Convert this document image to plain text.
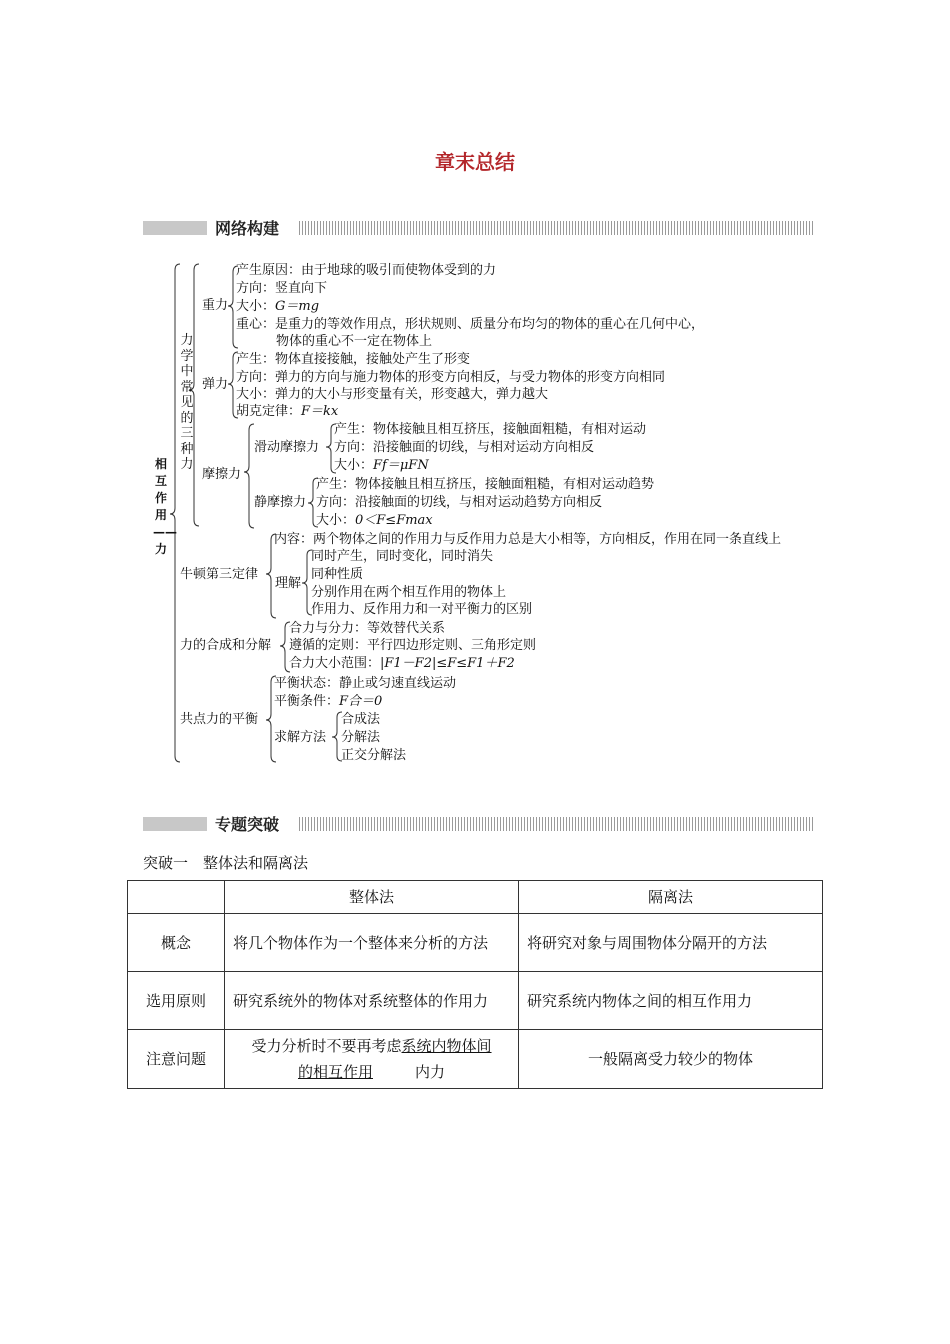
章末总结
网络构建
相互作用——力
力学中常见的三种力
重力
产生原因：由于地球的吸引而使物体受到的力
方向：竖直向下
大小：G＝mg
重心：是重力的等效作用点，形状规则、质量分布均匀的物体的重心在几何中心，
物体的重心不一定在物体上
弹力
产生：物体直接接触，接触处产生了形变
方向：弹力的方向与施力物体的形变方向相反，与受力物体的形变方向相同
大小：弹力的大小与形变量有关，形变越大，弹力越大
胡克定律：F＝kx
摩擦力
滑动摩擦力
产生：物体接触且相互挤压，接触面粗糙，有相对运动
方向：沿接触面的切线，与相对运动方向相反
大小：Ff＝μFN
静摩擦力
产生：物体接触且相互挤压，接触面粗糙，有相对运动趋势
方向：沿接触面的切线，与相对运动趋势方向相反
大小：0＜F≤Fmax
牛顿第三定律
内容：两个物体之间的作用力与反作用力总是大小相等，方向相反，作用在同一条直线上
理解
同时产生，同时变化，同时消失
同种性质
分别作用在两个相互作用的物体上
作用力、反作用力和一对平衡力的区别
力的合成和分解
合力与分力：等效替代关系
遵循的定则：平行四边形定则、三角形定则
合力大小范围：|F1－F2|≤F≤F1＋F2
共点力的平衡
平衡状态：静止或匀速直线运动
平衡条件：F合＝0
求解方法
合成法
分解法
正交分解法
专题突破
突破一　整体法和隔离法
	整体法	隔离法
概念	将几个物体作为一个整体来分析的方法	将研究对象与周围物体分隔开的方法
选用原则	研究系统外的物体对系统整体的作用力	研究系统内物体之间的相互作用力
注意问题	受力分析时不要再考虑系统内物体间
的相互作用 内力	一般隔离受力较少的物体
